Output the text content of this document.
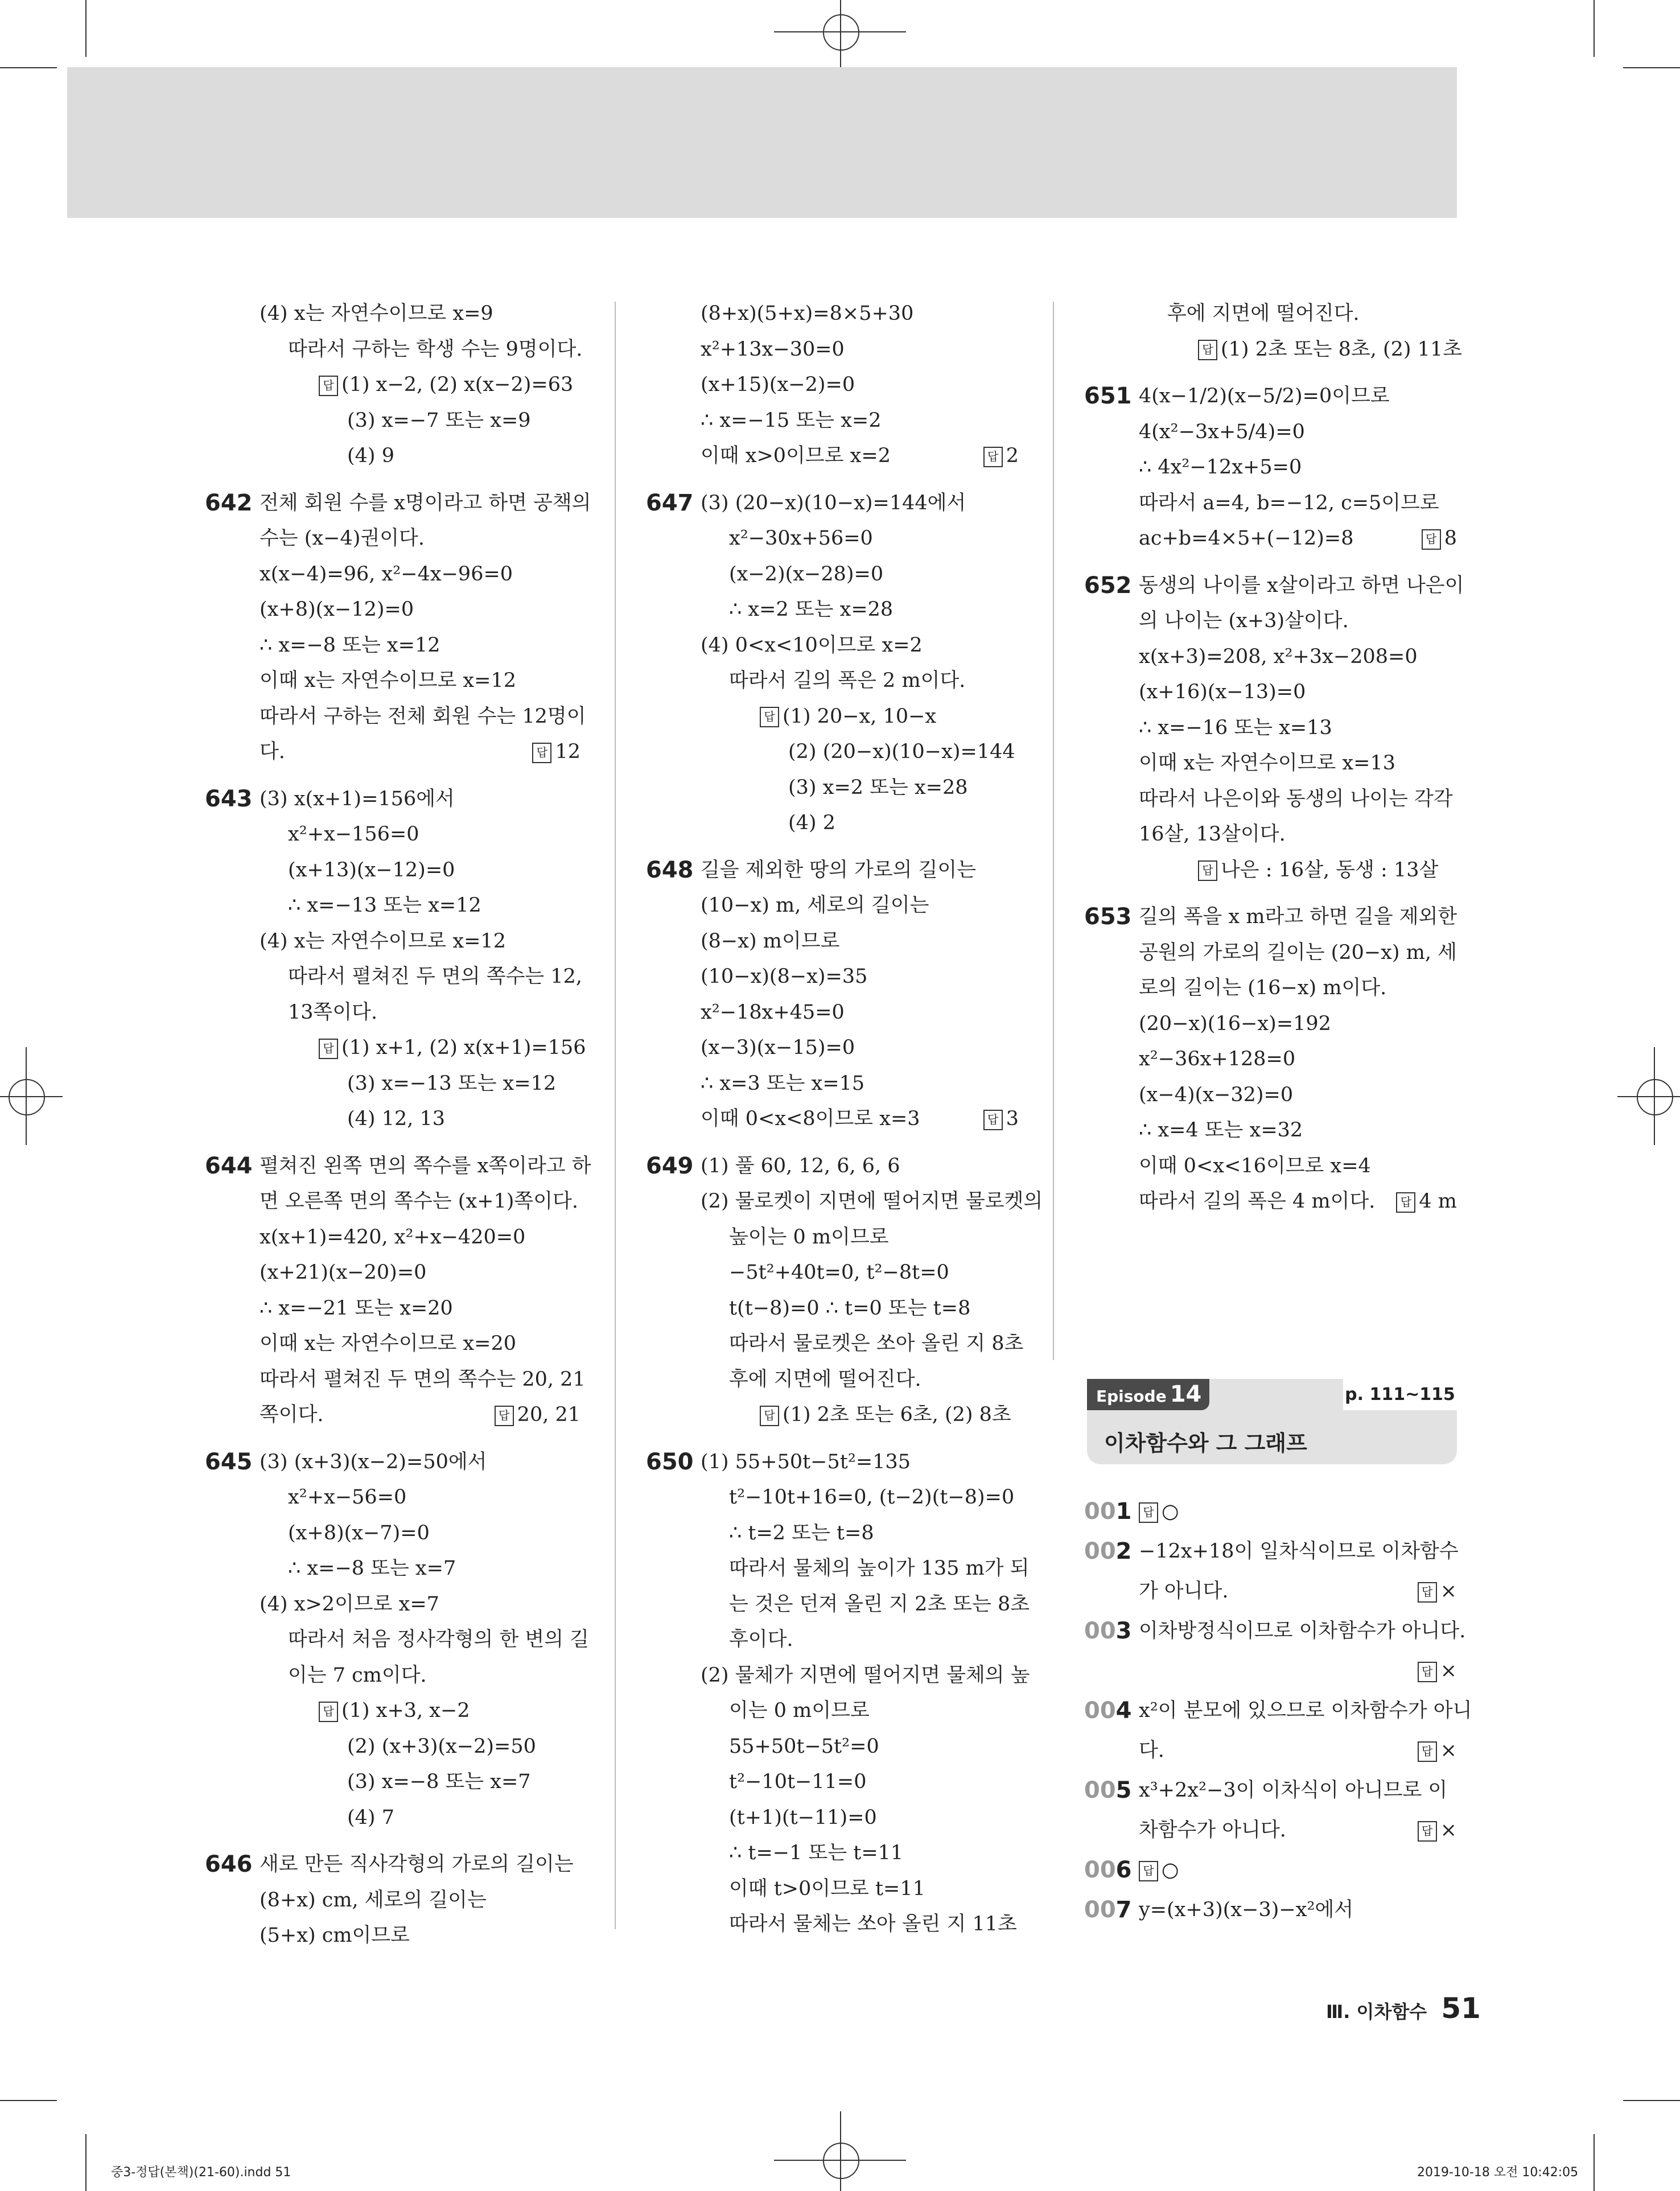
(4) x는 자연수이므로 x=9
따라서 구하는 학생 수는 9명이다.
답 (1) x−2, (2) x(x−2)=63
(3) x=−7 또는 x=9
(4) 9
642 전체 회원 수를 x명이라고 하면 공책의
수는 (x−4)권이다.
x(x−4)=96, x²−4x−96=0
(x+8)(x−12)=0
∴ x=−8 또는 x=12
이때 x는 자연수이므로 x=12
따라서 구하는 전체 회원 수는 12명이
다.	답 12
643 (3) x(x+1)=156에서
x²+x−156=0
(x+13)(x−12)=0
∴ x=−13 또는 x=12
(4) x는 자연수이므로 x=12
따라서 펼쳐진 두 면의 쪽수는 12,
13쪽이다.
답 (1) x+1, (2) x(x+1)=156
(3) x=−13 또는 x=12
(4) 12, 13
644 펼쳐진 왼쪽 면의 쪽수를 x쪽이라고 하
면 오른쪽 면의 쪽수는 (x+1)쪽이다.
x(x+1)=420, x²+x−420=0
(x+21)(x−20)=0
∴ x=−21 또는 x=20
이때 x는 자연수이므로 x=20
따라서 펼쳐진 두 면의 쪽수는 20, 21
쪽이다.	답 20, 21
645 (3) (x+3)(x−2)=50에서
x²+x−56=0
(x+8)(x−7)=0
∴ x=−8 또는 x=7
(4) x>2이므로 x=7
따라서 처음 정사각형의 한 변의 길
이는 7 cm이다.
답 (1) x+3, x−2
(2) (x+3)(x−2)=50
(3) x=−8 또는 x=7
(4) 7
646 새로 만든 직사각형의 가로의 길이는
(8+x) cm, 세로의 길이는
(5+x) cm이므로
(8+x)(5+x)=8×5+30
x²+13x−30=0
(x+15)(x−2)=0
∴ x=−15 또는 x=2
이때 x>0이므로 x=2	답 2
647 (3) (20−x)(10−x)=144에서
x²−30x+56=0
(x−2)(x−28)=0
∴ x=2 또는 x=28
(4) 0<x<10이므로 x=2
따라서 길의 폭은 2 m이다.
답 (1) 20−x, 10−x
(2) (20−x)(10−x)=144
(3) x=2 또는 x=28
(4) 2
648 길을 제외한 땅의 가로의 길이는
(10−x) m, 세로의 길이는
(8−x) m이므로
(10−x)(8−x)=35
x²−18x+45=0
(x−3)(x−15)=0
∴ x=3 또는 x=15
이때 0<x<8이므로 x=3	답 3
649 (1) 풀 60, 12, 6, 6, 6
(2) 물로켓이 지면에 떨어지면 물로켓의
높이는 0 m이므로
−5t²+40t=0, t²−8t=0
t(t−8)=0 ∴ t=0 또는 t=8
따라서 물로켓은 쏘아 올린 지 8초
후에 지면에 떨어진다.
답 (1) 2초 또는 6초, (2) 8초
650 (1) 55+50t−5t²=135
t²−10t+16=0, (t−2)(t−8)=0
∴ t=2 또는 t=8
따라서 물체의 높이가 135 m가 되
는 것은 던져 올린 지 2초 또는 8초
후이다.
(2) 물체가 지면에 떨어지면 물체의 높
이는 0 m이므로
55+50t−5t²=0
t²−10t−11=0
(t+1)(t−11)=0
∴ t=−1 또는 t=11
이때 t>0이므로 t=11
따라서 물체는 쏘아 올린 지 11초
후에 지면에 떨어진다.
답 (1) 2초 또는 8초, (2) 11초
651 4(x−1/2)(x−5/2)=0이므로
4(x²−3x+5/4)=0
∴ 4x²−12x+5=0
따라서 a=4, b=−12, c=5이므로
ac+b=4×5+(−12)=8	답 8
652 동생의 나이를 x살이라고 하면 나은이
의 나이는 (x+3)살이다.
x(x+3)=208, x²+3x−208=0
(x+16)(x−13)=0
∴ x=−16 또는 x=13
이때 x는 자연수이므로 x=13
따라서 나은이와 동생의 나이는 각각
16살, 13살이다.
답 나은 : 16살, 동생 : 13살
653 길의 폭을 x m라고 하면 길을 제외한
공원의 가로의 길이는 (20−x) m, 세
로의 길이는 (16−x) m이다.
(20−x)(16−x)=192
x²−36x+128=0
(x−4)(x−32)=0
∴ x=4 또는 x=32
이때 0<x<16이므로 x=4
따라서 길의 폭은 4 m이다.	답 4 m
Episode 14	p. 111~115
이차함수와 그 그래프
001 답 ○
002 −12x+18이 일차식이므로 이차함수
가 아니다.	답 ×
003 이차방정식이므로 이차함수가 아니다.
답 ×
004 x²이 분모에 있으므로 이차함수가 아니
다.	답 ×
005 x³+2x²−3이 이차식이 아니므로 이
차함수가 아니다.	답 ×
006 답 ○
007 y=(x+3)(x−3)−x²에서
Ⅲ. 이차함수 51
중3-정답(본책)(21-60).indd 51	2019-10-18 오전 10:42:05
